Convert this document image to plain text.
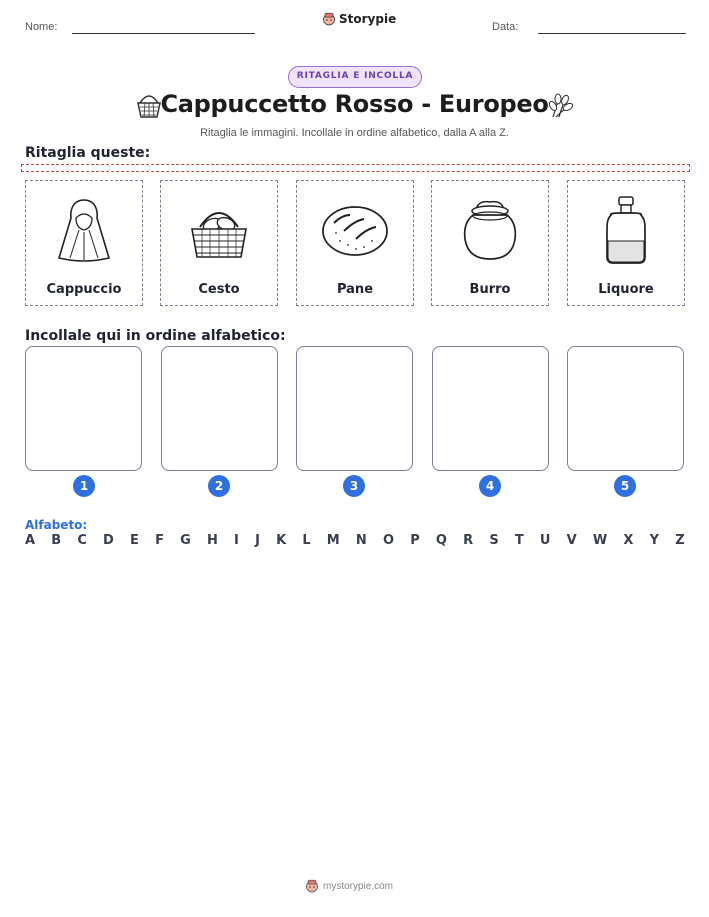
Nome:
Storypie
Data:
RITAGLIA E INCOLLA
Cappuccetto Rosso - Europeo
Ritaglia le immagini. Incollale in ordine alfabetico, dalla A alla Z.
Ritaglia queste:
Cappuccio	Cesto	Pane	Burro	Liquore
Incollale qui in ordine alfabetico:
1	2	3	4	5
Alfabeto:
A B C D E F G H I J K L M N O P Q R S T U V W X Y Z
mystorypie.com
